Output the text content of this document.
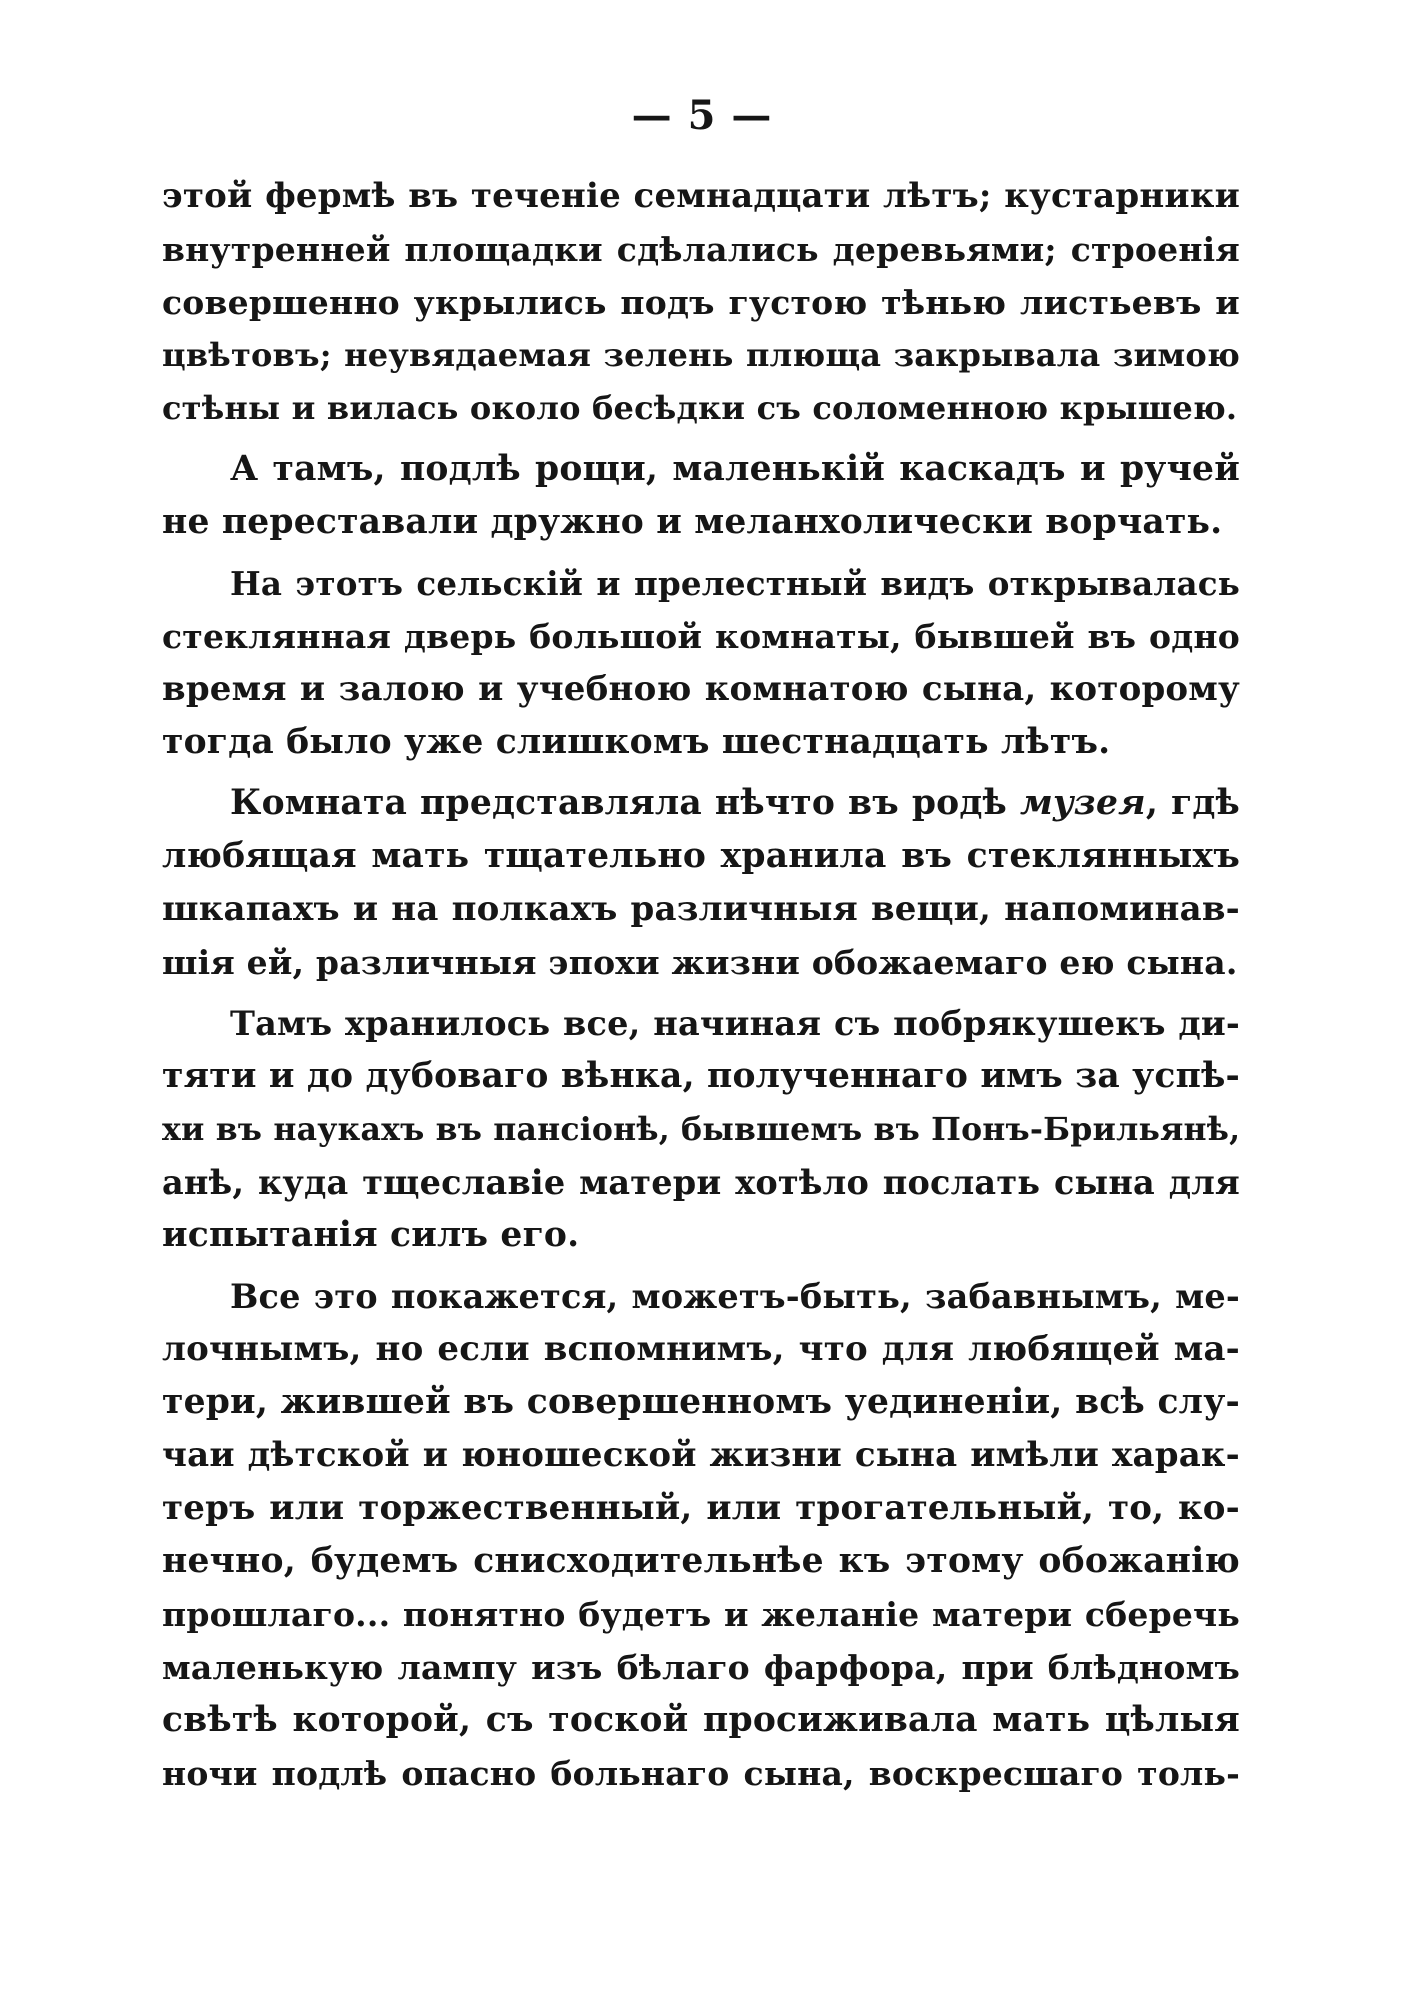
— 5 —
этой фермѣ въ теченіе семнадцати лѣтъ; кустарники
внутренней площадки сдѣлались деревьями; строенія
совершенно укрылись подъ густою тѣнью листьевъ и
цвѣтовъ; неувядаемая зелень плюща закрывала зимою
стѣны и вилась около бесѣдки съ соломенною крышею.
А тамъ, подлѣ рощи, маленькій каскадъ и ручей
не переставали дружно и меланхолически ворчать.
На этотъ сельскій и прелестный видъ открывалась
стеклянная дверь большой комнаты, бывшей въ одно
время и залою и учебною комнатою сына, которому
тогда было уже слишкомъ шестнадцать лѣтъ.
Комната представляла нѣчто въ родѣ музея, гдѣ
любящая мать тщательно хранила въ стеклянныхъ
шкапахъ и на полкахъ различныя вещи, напоминав-
шія ей, различныя эпохи жизни обожаемаго ею сына.
Тамъ хранилось все, начиная съ побрякушекъ ди-
тяти и до дубоваго вѣнка, полученнаго имъ за успѣ-
хи въ наукахъ въ пансіонѣ, бывшемъ въ Понъ-Брильянѣ,
анѣ, куда тщеславіе матери хотѣло послать сына для
испытанія силъ его.
Все это покажется, можетъ-быть, забавнымъ, ме-
лочнымъ, но если вспомнимъ, что для любящей ма-
тери, жившей въ совершенномъ уединеніи, всѣ слу-
чаи дѣтской и юношеской жизни сына имѣли харак-
теръ или торжественный, или трогательный, то, ко-
нечно, будемъ снисходительнѣе къ этому обожанію
прошлаго... понятно будетъ и желаніе матери сберечь
маленькую лампу изъ бѣлаго фарфора, при блѣдномъ
свѣтѣ которой, съ тоской просиживала мать цѣлыя
ночи подлѣ опасно больнаго сына, воскресшаго толь-
